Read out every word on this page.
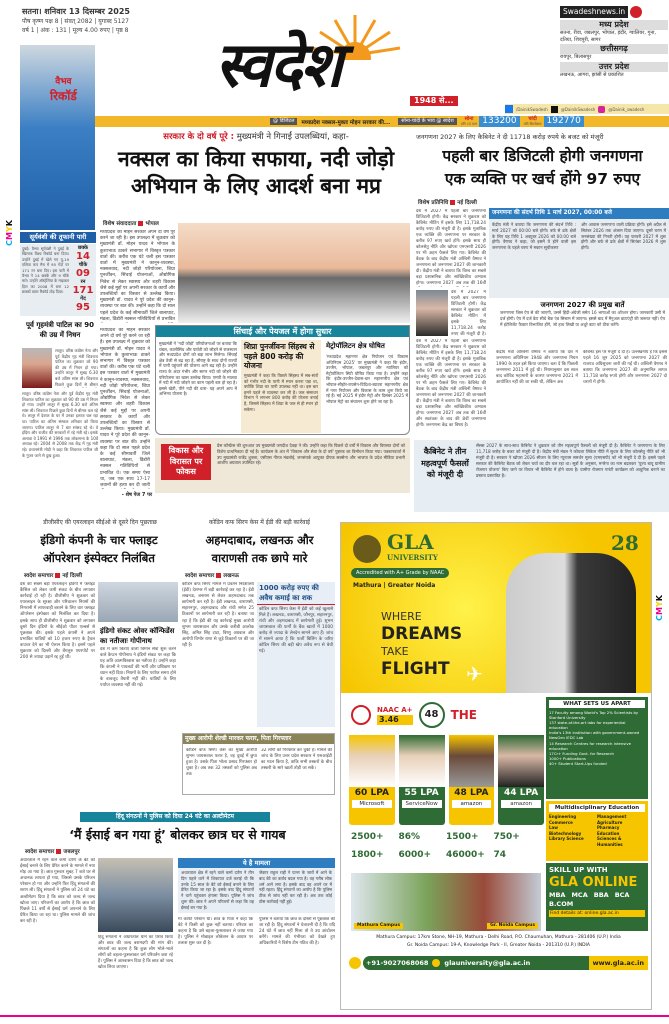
सतना। शनिवार 13 दिसम्बर 2025
पौष कृष्ण पक्ष 8 | संवत् 2082 | युगाब्द 5127
वर्ष 1 | अंक : 131 | मूल्य 4.00 रुपए | पृष्ठ 8
वैभव
रिकॉर्ड स्वदेश	1948 से...
Swadeshnews.in
मध्य प्रदेश
सतना, रीवा, जबलपुर, भोपाल, इंदौर, ग्वालियर, गुना, दतिया, शिवपुरी, सागर
छत्तीसगढ़
रायपुर, बिलासपुर
उत्तर प्रदेश
लखनऊ, आगरा, झांसी से प्रकाशित
/DainikSwadesh	@DainikSwadesh	@Dainik_swadesh
@ डिजिटल	मध्यप्रदेश नक्सल-मुक्तः मोहन सरकार की...	सोना-चांदी के भाव @ स्वदेश	सोना
प्रति 10 ग्राम 133200	चांदी
प्रति किलोग्राम 192770
सूर्यवंशी की तूफानी पारी
दुबई। वैभव सूर्यवंशी ने दुबई के खिलाफ विश्व रिकॉर्ड बना दिया। उन्होंने दुबई में खेले गए यू-19 एशिया कप मैच में 95 गेंदों पर 171 रन बना दिए। इस पारी में वैभव ने 14 छक्के और 9 चौके मारे। उन्होंने ऑस्ट्रेलिया के माइकल हिल का 2008 में बना 12 छक्कों वाला रिकॉर्ड तोड़ दिया।
छक्के
14
चौके
09
रन
171
गेंद
95
CMYK
CMYK
पूर्व गृहमंत्री पाटिल का 90 की उम्र में निधन
लातूर। वरिष्ठ कांग्रेस नेता और पूर्व केंद्रीय गृह मंत्री शिवराज पाटिल का शुक्रवार को 90 की उम्र में निधन हो गया। उन्होंने लातूर में सुबह 6.30 बजे अंतिम सांस ली। शिवराज पिछले कुछ दिनों से बीमार
लातूर। वरिष्ठ कांग्रेस नेता और पूर्व केंद्रीय गृह मंत्री शिवराज पाटिल का शुक्रवार को 90 की उम्र में निधन हो गया। उन्होंने लातूर में सुबह 6.30 बजे अंतिम सांस ली। शिवराज पिछले कुछ दिनों से बीमार चल रहे थे। लातूर में देवघर के घर में उनका इलाज चल रहा था। पाटिल का अंतिम संस्कार शनिवार को किया जाएगा। पाटिल लातूर से 7 बार सांसद रहे थे। वे इंदिरा और राजीव की सरकारों में रहे मंत्री रहे। इसके अलावा वे 1991 से 1996 तक लोकसभा के 10वें अध्यक्ष रहे। 2004 से 2008 तक केंद्र में गृह मंत्री रहे। प्रधानमंत्री मोदी ने कहा कि शिवराज पाटिल जी के गुजर जाने से दुख हुआ।
सरकार के दो वर्ष पूरे : मुख्यमंत्री ने गिनाईं उपलब्धियां, कहा-
नक्सल का किया सफाया, नदी जोड़ो
अभियान के लिए आदर्श बना मप्र
विशेष संवाददाता भोपाल
मध्यप्रदेश की मोहन सरकार अपने दो वर्ष पूरे करने जा रही है। इस उपलक्ष्य में शुक्रवार को मुख्यमंत्री डॉ. मोहन यादव ने भोपाल के कुशाभाऊ ठाकरे सभागार में विस्तृत पत्रकार वार्ता की। करीब एक घंटे चली इस पत्रकार वार्ता में मुख्यमंत्री ने कानून-व्यवस्था, नक्सलवाद, नदी जोड़ो परियोजना, शिप्रा पुनर्जीवन, सिंचाई योजनाओं, औद्योगिक निवेश से लेकर स्वास्थ्य और शहरी विकास जैसे कई मुद्दों पर अपनी सरकार के कार्यों और उपलब्धियों का विस्तार से उल्लेख किया। मुख्यमंत्री डॉ. यादव ने पूरे प्रदेश की कानून-व्यवस्था पर बात की। उन्होंने कहा कि दो साल पहले प्रदेश के कई सीमावर्ती जिले बालाघाट, मंडला, डिंडोरी नक्सल गतिविधियों से प्रभावित
मध्यप्रदेश की मोहन सरकार अपने दो वर्ष पूरे करने जा रही है। इस उपलक्ष्य में शुक्रवार को मुख्यमंत्री डॉ. मोहन यादव ने भोपाल के कुशाभाऊ ठाकरे सभागार में विस्तृत पत्रकार वार्ता की। करीब एक घंटे चली इस पत्रकार वार्ता में मुख्यमंत्री ने कानून-व्यवस्था, नक्सलवाद, नदी जोड़ो परियोजना, शिप्रा पुनर्जीवन, सिंचाई योजनाओं, औद्योगिक निवेश से लेकर स्वास्थ्य और शहरी विकास जैसे कई मुद्दों पर अपनी सरकार के कार्यों और उपलब्धियों का विस्तार से उल्लेख किया। मुख्यमंत्री डॉ. यादव ने पूरे प्रदेश की कानून-व्यवस्था पर बात की। उन्होंने कहा कि दो साल पहले प्रदेश के कई सीमावर्ती जिले बालाघाट, मंडला, डिंडोरी नक्सल गतिविधियों से प्रभावित थे। एक समय ऐसा था, जब एक साथ 17-17 जवानों की हत्या कर दी जाती
- शेष पेज 7 पर
सिंचाई और पेयजल में होगा सुधार
मुख्यमंत्री ने 'नदी जोड़ो' परियोजनाओं पर बताया कि चंबल, कालीसिंध और पार्वती को जोड़ने से राजस्थान और मध्यप्रदेश दोनों को बड़ा लाभ मिलेगा। सिंचाई क्षेत्र तेजी से बढ़ रहा है, सौराष्ट्र के साथ दोनों राज्यों में पानी पहुंचाने की योजना आगे बढ़ रही है। उन्होंने राज्य के अंदर गंभीर और सागर नदी को जोड़ने की परियोजना का खास उल्लेख किया। एमपी के मालवा में नदी में नदी जोड़ने का काम पहली बार हो रहा है। इससे खेती, पीने नदी की धारा- यह अपने आप में अभिनव योजना है।
शिप्रा पुनर्जीवनः सिंहस्थ से पहले 800 करोड़ की योजना
मुख्यमंत्री ने कहा कि पिछले सिंहस्थ में सब-संतों को गंभीर नदी के पानी में स्नान करना पड़ा था, क्योंकि शिप्रा का पानी उपलब्ध नहीं था। इस बार हमने पहले से व्यवस्था कर ली है। जल संसाधन विभाग ने लगभग 800 करोड़ की योजना बनाई है, जिससे सिंहस्थ में शिप्रा के जल से ही स्नान हो सकेगा।
मेट्रोपॉलिटन क्षेत्र घोषित
'मध्यप्रदेश महानगर क्षेत्र नियोजन एवं विकास अधिनियम 2025' पर मुख्यमंत्री ने कहा कि इंदौर, उज्जैन, भोपाल, जबलपुर और ग्वालियर को मेट्रोपॉलिटन सिटी घोषित किया गया है। उन्होंने कहा कि इंदौर-उज्जैन-देवास-धार महानगरीय क्षेत्र एवं भोपाल-सीहोर-रायसेन-विदिशा-ब्यावरा महानगरीय क्षेत्र में नगर नियोजन और विकास के काम शुरू किये जा रहे हैं। मई 2025 में इंदौर मेट्रो और दिसंबर 2025 में भोपाल मेट्रो का संचालन शुरू होने जा रहा है।
विकास और विरासत पर फोकस
प्रेस कॉन्फ्रेंस की शुरुआत उप मुख्यमंत्री जगदीश देवड़ा ने की। उन्होंने कहा कि पिछले दो वर्षों में विकास और विरासत दोनों को विशेष प्राथमिकता दी गई है। कार्यक्रम के अंत में 'विकास और सेवा के दो वर्ष' पुस्तक का विमोचन किया गया। पत्रकारवार्ता में उप मुख्यमंत्री राजेंद्र शुक्ला, एसीएस नीरज मंडलोई, जनसंपर्क आयुक्त दीपक सक्सेना और भाजपा के प्रदेश मीडिया प्रभारी आशीष अग्रवाल उपस्थित रहे।
जनगणना 2027 के लिए कैबिनेट ने दी 11718 करोड़ रुपये के बजट को मंजूरी
पहली बार डिजिटली होगी जनगणना
एक व्यक्ति पर खर्च होंगे 97 रुपए
विशेष प्रतिनिधि नई दिल्ली
देश में 2027 में पहली बार जनगणना डिजिटली होगी। केंद्र सरकार ने शुक्रवार को कैबिनेट मीटिंग में इसके लिए 11,718.24 करोड़ रुपए की मंजूरी दी है। इसके मुताबिक एक व्यक्ति की जनगणना पर सरकार के करीब 97 रुपए खर्च होंगे। इसके साथ ही कोलसेतु नीति और खोपरा एमएसपी 2026 पर भी अहम फैसले लिए गए। कैबिनेट की बैठक के बाद केंद्रीय मंत्री अश्विनी वैष्णव ने जनगणना को जनगणना 2027 की जानकारी दी। केंद्रीय मंत्री ने बताया कि विश्व का सबसे बड़ा प्रशासनिक और सांख्यिकीय अभ्यास होगा। जनगणना 2027 अब तक की 16वीं
देश में 2027 में पहली बार जनगणना डिजिटली होगी। केंद्र सरकार ने शुक्रवार को कैबिनेट मीटिंग में इसके लिए 11,718.24 करोड़ रुपए की मंजूरी दी है।
देश में 2027 में पहली बार जनगणना डिजिटली होगी। केंद्र सरकार ने शुक्रवार को कैबिनेट मीटिंग में इसके लिए 11,718.24 करोड़ रुपए की मंजूरी दी है। इसके मुताबिक एक व्यक्ति की जनगणना पर सरकार के करीब 97 रुपए खर्च होंगे। इसके साथ ही कोलसेतु नीति और खोपरा एमएसपी 2026 पर भी अहम फैसले लिए गए। कैबिनेट की बैठक के बाद केंद्रीय मंत्री अश्विनी वैष्णव ने जनगणना को जनगणना 2027 की जानकारी दी। केंद्रीय मंत्री ने बताया कि विश्व का सबसे बड़ा प्रशासनिक और सांख्यिकीय अभ्यास होगा। जनगणना 2027 अब तक की 16वीं और स्वतंत्रता के बाद की 8वीं जनगणना होगी। जनगणना केंद्र का विषय है।
जनगणना की संदर्भ तिथि 1 मार्च 2027, 00:00 बजे
केंद्रीय मंत्री ने बताया कि जनगणना की संदर्भ तिथि : मार्च 2027 को 00:00 बजे होगी। बर्फ से ढके क्षेत्रों के लिए यह तिथि 1 अक्टूबर 2026 को 00:00 बजे होगी। वैष्णव ने कहा, जो इसमें ये होने वाली इस जनगणना के पहले चरण में मकान सूचीकरण
और आवास जनगणना वाली प्रक्रिया होगी। इसे अप्रैल से सितंबर 2026 तक अंजाम दिया जाएगा। दूसरे चरण में जनसंख्या की गिनती होगी। यह फरवरी 2027 में शुरू होगी और बर्फ से ढके क्षेत्रों में सितंबर 2026 में शुरू होगी।
जनगणना 2027 की प्रमुख बातें
जनगणना जिस ऐप से की जाएगी, उसमें हिंदी-अंग्रेजी समेत 16 भाषाओं का ऑप्शन होगा। जानकारी उसी में दर्ज होगी। ऐप में दर्ज डेटा सीधे बैक एंड सिस्टम में जाएगा। इससे बाद में मैनुअल डाटाएंट्री की जरूरत नहीं। ऐप में इंटेलिजेंट फैक्टर विभाजित होंगे, जो हाथ लिखी या अधूरे डाटा को ठीक करेंगे।
केंद्रीय मंत्री अश्विनी वैष्णव ने बताया कि देश में जनगणना अधिनियम 1948 और जनगणना नियम 1990 के तहत इसे किया जाएगा। बता दें कि पिछली जनगणना 2011 में हुई थी। नियमानुसार दस साल बाद कोविड महामारी के कारण जनगणना 2021 में आयोजित नहीं की जा सकी थी, लेकिन अब
कैबिनेट इस पर मंजूरी दे दी है। उल्लेखनीय है कि इससे पहले 16 जून 2025 को जनगणना 2027 की राजपत्र अधिसूचना जारी की गई थी। अश्विनी वैष्णव ने बताया कि जनगणना 2027 की अनुमानित लागत 11,718 करोड़ रुपये होगी और जनगणना 2027 दो चरणों में होगी।
कैबिनेट ने तीन महत्वपूर्ण फैसलों को मंजूरी दी
सेंसस 2027 के साथ-साथ कैबिनेट ने शुक्रवार को तीन महत्वपूर्ण फैसलों को मंजूरी दी है। कैबिनेट ने जनगणना के लिए 11,718 करोड़ के बजट को मंजूरी दी है। केंद्रीय मंत्री मंडल ने कोयला लिंकेज नीति में सुधार के लिए कोलसेतु नीति को भी मंजूरी दी है। सरकार ने खोपरा 2026 सीजन के लिए न्यूनतम समर्थन मूल्य (एमएसपी) को भी मंजूरी दे दी है। इससे पहले सरकार की कैबिनेट बैठक को लेकर चर्चा का दौर चल रहा था। सूत्रों के अनुसार, मनरेगा का नाम बदलकर 'पूज्य बापू ग्रामीण रोजगार योजना' किए जाने पर विचार भी कैबिनेट में होने वाला है। ग्रामीण रोजगार गारंटी कार्यक्रम को आधुनिक बनाने का प्रस्ताव प्रस्तावित है।
डीजीसीए की एयरलाइन सीईओ से दूसरे दिन पूछताछ
इंडिगो कंपनी के चार फ्लाइट
ऑपरेशन इंस्पेक्टर निलंबित
स्वदेश समाचार नई दिल्ली
देश की सबसे बड़ी एयरलाइन इंडिगो में फ्लाइट कैंसिल को लेकर जारी संकट के बीच लगातार कार्रवाई हो रही है। डीजीसीए ने शुक्रवार को एयरलाइन के सुरक्षा और परिचालन नियमों की निगरानी में लापरवाही बरतने के लिए चार फ्लाइट ऑपरेशन इंस्पेक्टर को निलंबित कर दिया है। इसके साथ ही डीजीसीए ने शुक्रवार को लगातार दूसरे दिन इंडिगो के सीईओ पीटर एल्बर्स से पूछताछ की। इसके पहले कंपनी ने अपने प्रभावित यात्रियों को 10 हजार रुपए के ट्रैवल वाउचर देने का भी ऐलान किया है। इसमें पहले शुक्रवार को दिल्ली और बेंगलुरु एयरपोर्ट पर 200 से ज्यादा उड़ानें रद्द हुईं थीं।
इंडिगो संकट ओवर कॉन्फिडेंस का नतीजाः गोपीनाथ
देश में कम किराए वाली विमान सेवा शुरू करने वाले कैप्टन गोपीनाथ ने इंडिगो संकट पर कहा कि यह अति आत्मविश्वास का नतीजा है। उन्होंने कहा कि कंपनी ने पायलटों की भर्ती और प्रशिक्षण पर ध्यान नहीं दिया। नियमों के लिए पर्याप्त समय होने के बावजूद तैयारी नहीं की। यात्रियों के लिए पर्याप्त व्यवस्था नहीं की गई।
कोडिन कफ सिरप केस में ईडी की बड़ी कार्रवाई
अहमदाबाद, लखनऊ और
वाराणसी तक छापे मारे
स्वदेश समाचार लखनऊ
कोडिन कफ सिरप मामले में प्रवर्तन निदेशालय (ईडी) देशभर में बड़ी कार्रवाई कर रहा है। ईडी लखनऊ, बनारस से लेकर अहमदाबाद तक छापेमारी कर रही है। ईडी लखनऊ, वाराणसी, सहारनपुर, अहमदाबाद और रांची समेत 25 ठिकानों पर छापेमारी कर रही है। बताया जा रहा है कि ईडी की यह कार्रवाई मुख्य आरोपी शुभम जायसवाल और उसके करीबी आलोक सिंह, अमित सिंह टाटा, विष्णु अग्रवाल और आरोपी विभोर राणा से जुड़े ठिकानों पर की जा रही है।
1000 करोड़ रुपए की अवैध कमाई का शक
कोडिन कफ सिरप केस में ईडी को कई खुलासे मिले हैं। लखनऊ, वाराणसी, जौनपुर, सहारनपुर, रांची और अहमदाबाद में छापेमारी हुई। शुभम जायसवाल की फर्मों के बैंक खातों में 1000 करोड़ से ज्यादा के लेनदेन सामने आए हैं। जांच में सामने आया है कि फर्जी बिलिंग के जरिए कोडिन सिरप की बड़ी खेप अवैध रूप से बेची गई।
मुख्य आरोपी शेल्डी मारकर फरार, पिता गिरफ्तार
कोडिन कफ सिरप केस का मुख्य आरोपी शुभम जायसवाल फरार है, वह दुबई में छुपा हुआ है। उसके पिता भोला प्रसाद गिरफ्तार हो चुका है। अब तक 32 तस्करों को पुलिस अब तक
32 लोगों को गिरफ्तार कर चुकी है। मामले की जांच के लिए उत्तर प्रदेश सरकार ने एसआईटी का गठन किया है, ताकि सभी तस्करों के बीच तस्करी के सारे खातों तोड़ी जा सकें।
हिंदू संगठनों ने पुलिस को दिया 24 घंटे का अल्टीमेटम
‘मैं ईसाई बन गया हूं’ बोलकर छात्र घर से गायब
स्वदेश समाचार जबलपुर
अधारताल में रहने वाले कर्मा दर्पण के बेटे को ईसाई बनाने के लिए प्रेरित करने के मामले में नया मोड़ आ गया है। छात्र गुरुवार सुबह 7 बजे घर से अचानक लापता हो गया, जिससे उसके परिजन परेशान हो गए और उन्होंने फिर हिंदू संगठनों की शरण ली। हिंदू संगठनों ने पुलिस को 24 घंटे का अल्टीमेटम दिया है कि छात्र को जल्द से जल्द खोजा जाए। परिजनों का आरोप है कि छात्र को पिछले 11 वर्षों से ईसाई धर्म अपनाने के लिए प्रेरित किया जा रहा था। पुलिस मामले की जांच कर रही है।
हिंदू संगठनों ने अधारताल थाने का घेराव किया और छात्र की जल्द बरामदगी की मांग की। संगठनों का कहना है कि कुछ लोग भोले-भाले लोगों को बहला-फुसलाकर धर्म परिवर्तन करा रहे हैं। पुलिस ने आश्वासन दिया है कि छात्र को जल्द खोज लिया जाएगा।
ये है मामला
अधारताल क्षेत्र में रहने वाले कर्मा दर्पण ने तीन दिन पहले थाने में शिकायत दर्ज कराई थी कि उनके 15 साल के बेटे को ईसाई बनाने के लिए प्रेरित किया जा रहा है। इसके बाद हिंदू संगठनों ने थाने पहुंचकर हंगामा किया। पुलिस ने जांच शुरू की। छात्र ने अपने परिजनों से कहा कि वह ईसाई बन गया है।
जैक्टर राहुल राही ने पत्नर के जारों में आने के बाद बेटे का बर्ताव बदल गया है। वह गरीब लोक शर्म आने लगा है। इसके बाद वह अपने घर में नहीं रहता। हिंदू संगठनों का आरोप है कि पुलिस ठीक से जांच नहीं कर रही है। अब तक कोई ठोस कार्रवाई नहीं हुई।
मां काफी परेशान थीं। छात्र के पिता ने कहा कि बेटे ने किसी को कुछ नहीं बताया। परिवार का कहना है कि उसे बहला-फुसलाकर ले जाया गया है। पुलिस ने मोबाइल लोकेशन के आधार पर तलाश शुरू कर दी है।
पुलिस ने बताया कि छात्र के दोस्तों से पूछताछ की जा रही है। हिंदू संगठनों ने चेतावनी दी है कि यदि 24 घंटे में छात्र नहीं मिला तो वे उग्र आंदोलन करेंगे। मामले की गंभीरता को देखते हुए अधिकारियों ने विशेष टीम गठित की है।
GLA
UNIVERSITY
Accredited with A+ Grade by NAAC
Mathura | Greater Noida
28
WHERE
DREAMS
TAKE
FLIGHT ✈
NAAC A+
3.46	48	THE
60 LPA
Microsoft
55 LPA
ServiceNow
48 LPA
amazon
44 LPA
amazon
2500+	86%	1500+	750+
1800+	6000+	46000+ 74
Mathura Campus	Gr. Noida Campus
WHAT SETS US APART
17 Faculty among World's Top 2% Scientists by Stanford University
137 state-of-the-art labs for experiential education
India's 13th institution with government-owned NewGen IEDC Lab
14 Research Centres for research intensive education
17Cr+ Funding Govt. for Research
1000+ Publications
40+ Student Start-Ups funded
Multidisciplinary Education
Engineering	Management
Commerce	Agriculture
Law	Pharmacy
Biotechnology	Education
Library Science	Sciences & Humanities
SKILL UP WITH
GLA ONLINE
MBA MCA BBA BCA
B.COM
Find details at: online.gla.ac.in
Mathura Campus: 17km Stone, NH-19, Mathura - Delhi Road, P.O. Chaumuhan, Mathura - 281406 (U.P.) India
Gr. Noida Campus: 19-A, Knowledge Park - II, Greater Noida - 201310 (U.P.) INDIA
+91-9027068068 glauniversity@gla.ac.in	www.gla.ac.in
